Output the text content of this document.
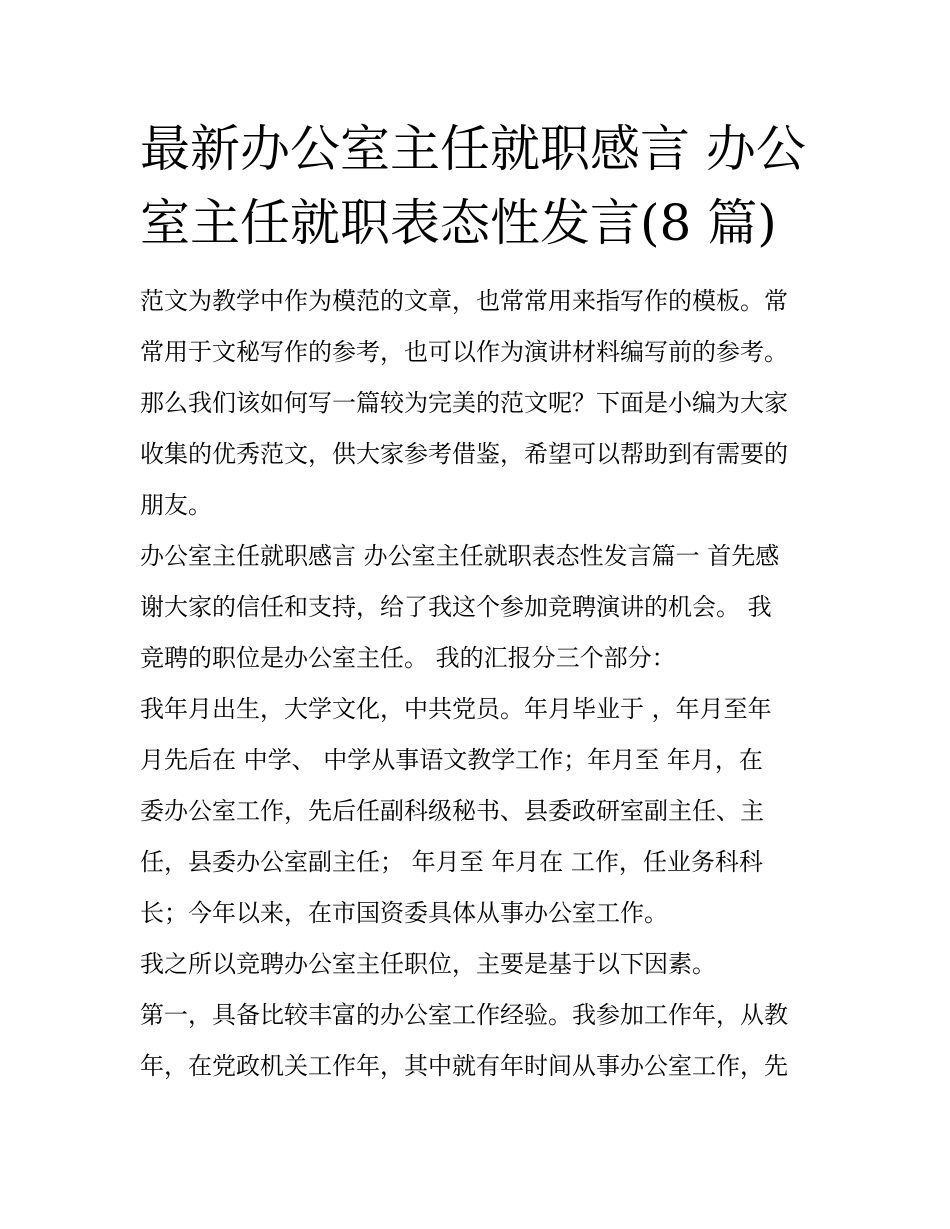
最新办公室主任就职感言 办公
室主任就职表态性发言(8 篇)
范文为教学中作为模范的文章，也常常用来指写作的模板。常
常用于文秘写作的参考，也可以作为演讲材料编写前的参考。
那么我们该如何写一篇较为完美的范文呢？下面是小编为大家
收集的优秀范文，供大家参考借鉴，希望可以帮助到有需要的
朋友。
办公室主任就职感言 办公室主任就职表态性发言篇一 首先感
谢大家的信任和支持，给了我这个参加竞聘演讲的机会。 我
竞聘的职位是办公室主任。 我的汇报分三个部分：
我年月出生，大学文化，中共党员。年月毕业于 ，年月至年
月先后在 中学、 中学从事语文教学工作；年月至 年月，在
委办公室工作，先后任副科级秘书、县委政研室副主任、主
任，县委办公室副主任； 年月至 年月在 工作，任业务科科
长；今年以来，在市国资委具体从事办公室工作。
我之所以竞聘办公室主任职位，主要是基于以下因素。
第一，具备比较丰富的办公室工作经验。我参加工作年，从教
年，在党政机关工作年，其中就有年时间从事办公室工作，先
